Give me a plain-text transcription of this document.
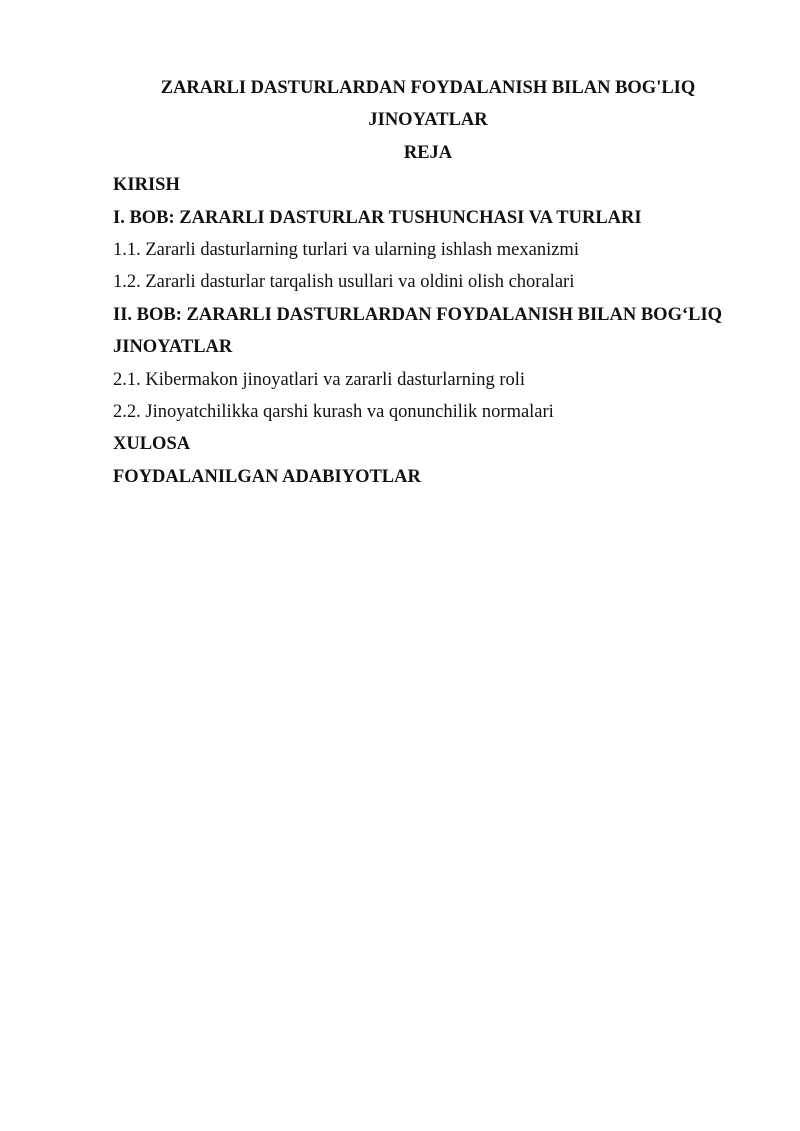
ZARARLI DASTURLARDAN FOYDALANISH BILAN BOG'LIQ
JINOYATLAR
REJA
KIRISH
I. BOB: ZARARLI DASTURLAR TUSHUNCHASI VA TURLARI
1.1. Zararli dasturlarning turlari va ularning ishlash mexanizmi
1.2. Zararli dasturlar tarqalish usullari va oldini olish choralari
II. BOB: ZARARLI DASTURLARDAN FOYDALANISH BILAN BOG‘LIQ
JINOYATLAR
2.1. Kibermakon jinoyatlari va zararli dasturlarning roli
2.2. Jinoyatchilikka qarshi kurash va qonunchilik normalari
XULOSA
FOYDALANILGAN ADABIYOTLAR
